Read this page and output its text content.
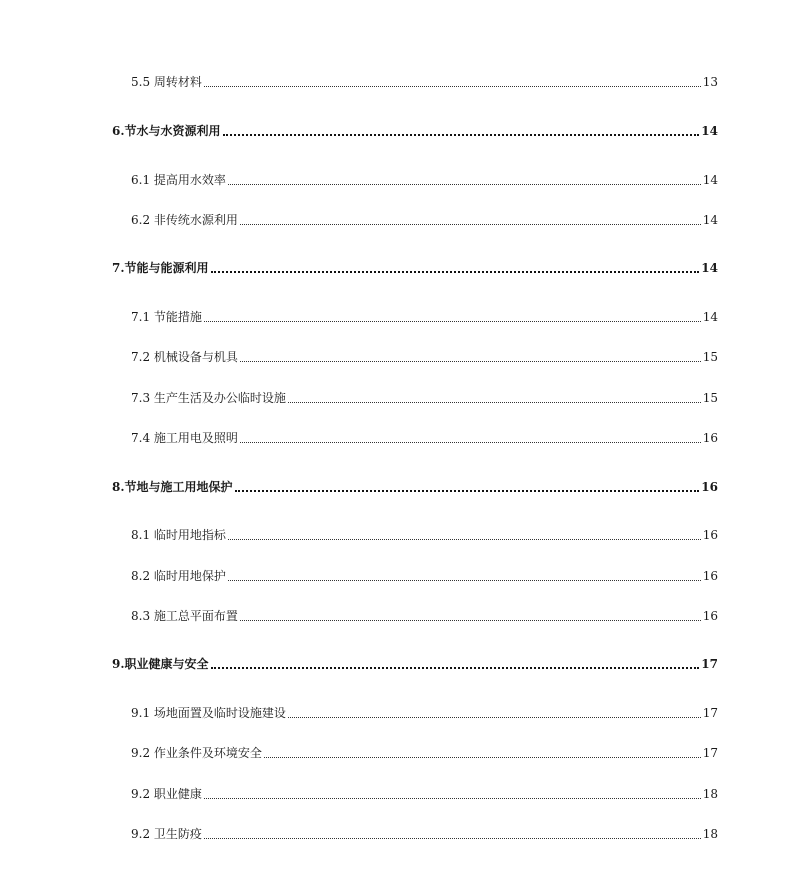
5.5 周转材料	13
6.节水与水资源利用	14
6.1 提高用水效率	14
6.2 非传统水源利用	14
7.节能与能源利用	14
7.1 节能措施	14
7.2 机械设备与机具	15
7.3 生产生活及办公临时设施	15
7.4 施工用电及照明	16
8.节地与施工用地保护	16
8.1 临时用地指标	16
8.2 临时用地保护	16
8.3 施工总平面布置	16
9.职业健康与安全	17
9.1 场地面置及临时设施建设	17
9.2 作业条件及环境安全	17
9.2 职业健康	18
9.2 卫生防疫	18
